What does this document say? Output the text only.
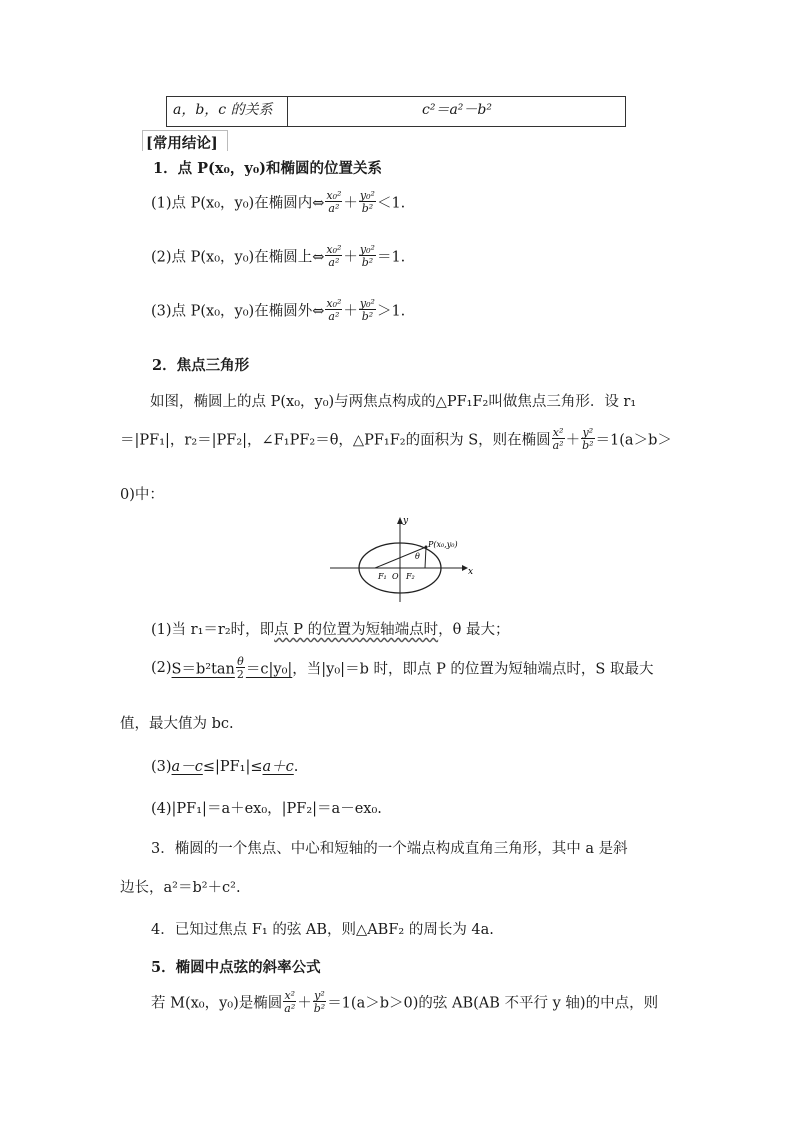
a，b，c 的关系	c²＝a²－b²
[常用结论]
1．点 P(x₀，y₀)和椭圆的位置关系
(1)点 P(x₀，y₀)在椭圆内⇔ $\frac{\text{x₀²}}{\text{a²}} + \frac{\text{y₀²}}{\text{b²}} <1$.
(2)点 P(x₀，y₀)在椭圆上⇔ $\frac{\text{x₀²}}{\text{a²}} + \frac{\text{y₀²}}{\text{b²}} =1$.
(3)点 P(x₀，y₀)在椭圆外⇔ $\frac{\text{x₀²}}{\text{a²}} + \frac{\text{y₀²}}{\text{b²}} >1$.
2．焦点三角形
如图，椭圆上的点 P(x₀，y₀)与两焦点构成的△PF₁F₂叫做焦点三角形．设 r₁
＝|PF₁|，r₂＝|PF₂|，∠F₁PF₂＝θ，△PF₁F₂的面积为 S，则在椭圆 $\frac{\text{x²}}{\text{a²}} + \frac{\text{y²}}{\text{b²}} =1(a>b>$
0)中：
y
x
P(x₀,y₀)
θ
F₁ O F₂
(1)当 r₁＝r₂时，即点 P 的位置为短轴端点时，θ 最大；
$(2)S=b^2\tan \frac{\theta}{2} =c|y_0|$，当|y₀|＝b 时，即点 P 的位置为短轴端点时，S 取最大
值，最大值为 bc.
(3)a－c≤|PF₁|≤a＋c.
(4)|PF₁|＝a＋ex₀，|PF₂|＝a－ex₀.
3．椭圆的一个焦点、中心和短轴的一个端点构成直角三角形，其中 a 是斜
边长，a²＝b²＋c².
4．已知过焦点 F₁ 的弦 AB，则△ABF₂ 的周长为 4a.
5．椭圆中点弦的斜率公式
若 M(x₀，y₀)是椭圆 $\frac{\text{x²}}{\text{a²}} + \frac{\text{y²}}{\text{b²}} =1(a>b>0)$的弦 AB(AB 不平行 y 轴)的中点，则
